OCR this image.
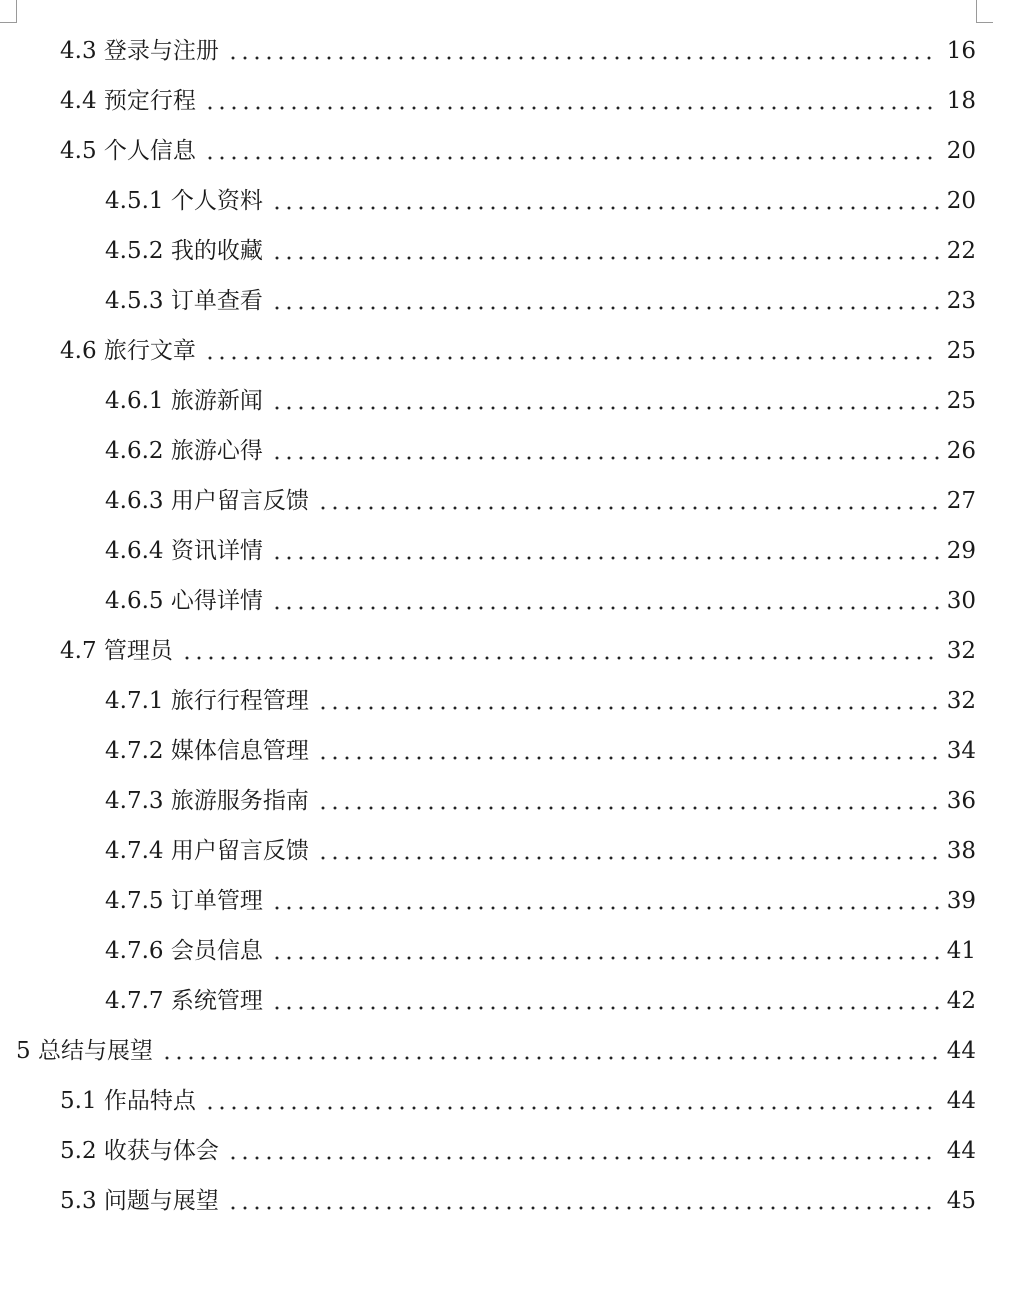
4.3 登录与注册	16
4.4 预定行程	18
4.5 个人信息	20
4.5.1 个人资料	20
4.5.2 我的收藏	22
4.5.3 订单查看	23
4.6 旅行文章	25
4.6.1 旅游新闻	25
4.6.2 旅游心得	26
4.6.3 用户留言反馈	27
4.6.4 资讯详情	29
4.6.5 心得详情	30
4.7 管理员	32
4.7.1 旅行行程管理	32
4.7.2 媒体信息管理	34
4.7.3 旅游服务指南	36
4.7.4 用户留言反馈	38
4.7.5 订单管理	39
4.7.6 会员信息	41
4.7.7 系统管理	42
5 总结与展望	44
5.1 作品特点	44
5.2 收获与体会	44
5.3 问题与展望	45
